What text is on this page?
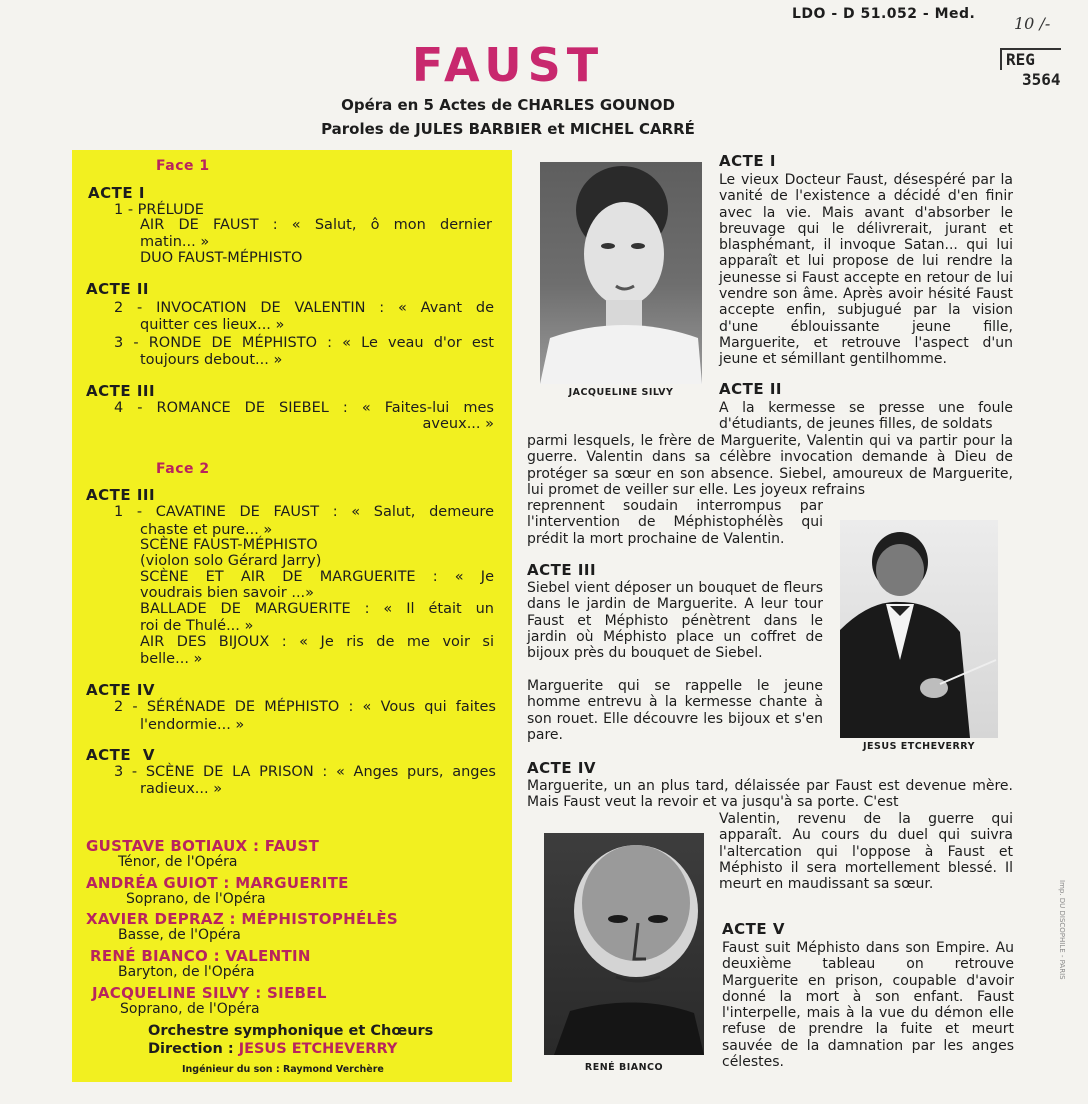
LDO - D 51.052 - Med. 10 /-
REG
3564
FAUST
Opéra en 5 Actes de CHARLES GOUNOD
Paroles de JULES BARBIER et MICHEL CARRÉ
Face 1
ACTE I
1 - PRÉLUDE
AIR DE FAUST : « Salut, ô mon dernier
matin... »
DUO FAUST-MÉPHISTO
ACTE II
2 - INVOCATION DE VALENTIN : « Avant de
quitter ces lieux... »
3 - RONDE DE MÉPHISTO : « Le veau d'or est
toujours debout... »
ACTE III
4 - ROMANCE DE SIEBEL : « Faites-lui mes
aveux... »
Face 2
ACTE III
1 - CAVATINE DE FAUST : « Salut, demeure
chaste et pure... »
SCÈNE FAUST-MÉPHISTO
(violon solo Gérard Jarry)
SCÈNE ET AIR DE MARGUERITE : « Je
voudrais bien savoir ...»
BALLADE DE MARGUERITE : « Il était un
roi de Thulé... »
AIR DES BIJOUX : « Je ris de me voir si
belle... »
ACTE IV
2 - SÉRÉNADE DE MÉPHISTO : « Vous qui faites
l'endormie... »
ACTE V
3 - SCÈNE DE LA PRISON : « Anges purs, anges
radieux... »
GUSTAVE BOTIAUX : FAUST
Ténor, de l'Opéra
ANDRÉA GUIOT : MARGUERITE
Soprano, de l'Opéra
XAVIER DEPRAZ : MÉPHISTOPHÉLÈS
Basse, de l'Opéra
RENÉ BIANCO : VALENTIN
Baryton, de l'Opéra
JACQUELINE SILVY : SIEBEL
Soprano, de l'Opéra
Orchestre symphonique et Chœurs
Direction : JESUS ETCHEVERRY
Ingénieur du son : Raymond Verchère
JACQUELINE SILVY
JESUS ETCHEVERRY
RENÉ BIANCO
ACTE I
Le vieux Docteur Faust, désespéré par la vanité de l'existence a décidé d'en finir avec la vie. Mais avant d'absorber le breuvage qui le délivrerait, jurant et blasphémant, il invoque Satan... qui lui apparaît et lui propose de lui rendre la jeunesse si Faust accepte en retour de lui vendre son âme. Après avoir hésité Faust accepte enfin, subjugué par la vision d'une éblouissante jeune fille, Marguerite, et retrouve l'aspect d'un jeune et sémillant gentilhomme.
ACTE II
A la kermesse se presse une foule d'étudiants, de jeunes filles, de soldats
parmi lesquels, le frère de Marguerite, Valentin qui va partir pour la guerre. Valentin dans sa célèbre invocation demande à Dieu de protéger sa sœur en son absence. Siebel, amoureux de Marguerite, lui promet de veiller sur elle. Les joyeux refrains
reprennent soudain interrompus par l'intervention de Méphistophélès qui prédit la mort prochaine de Valentin.
ACTE III
Siebel vient déposer un bouquet de fleurs dans le jardin de Marguerite. A leur tour Faust et Méphisto pénètrent dans le jardin où Méphisto place un coffret de bijoux près du bouquet de Siebel.
Marguerite qui se rappelle le jeune homme entrevu à la kermesse chante à son rouet. Elle découvre les bijoux et s'en pare.
ACTE IV
Marguerite, un an plus tard, délaissée par Faust est devenue mère. Mais Faust veut la revoir et va jusqu'à sa porte. C'est
Valentin, revenu de la guerre qui apparaît. Au cours du duel qui suivra l'altercation qui l'oppose à Faust et Méphisto il sera mortellement blessé. Il meurt en maudissant sa sœur.
ACTE V
Faust suit Méphisto dans son Empire. Au deuxième tableau on retrouve Marguerite en prison, coupable d'avoir donné la mort à son enfant. Faust l'interpelle, mais à la vue du démon elle refuse de prendre la fuite et meurt sauvée de la damnation par les anges célestes.
Imp. DU DISCOPHILE - PARIS
